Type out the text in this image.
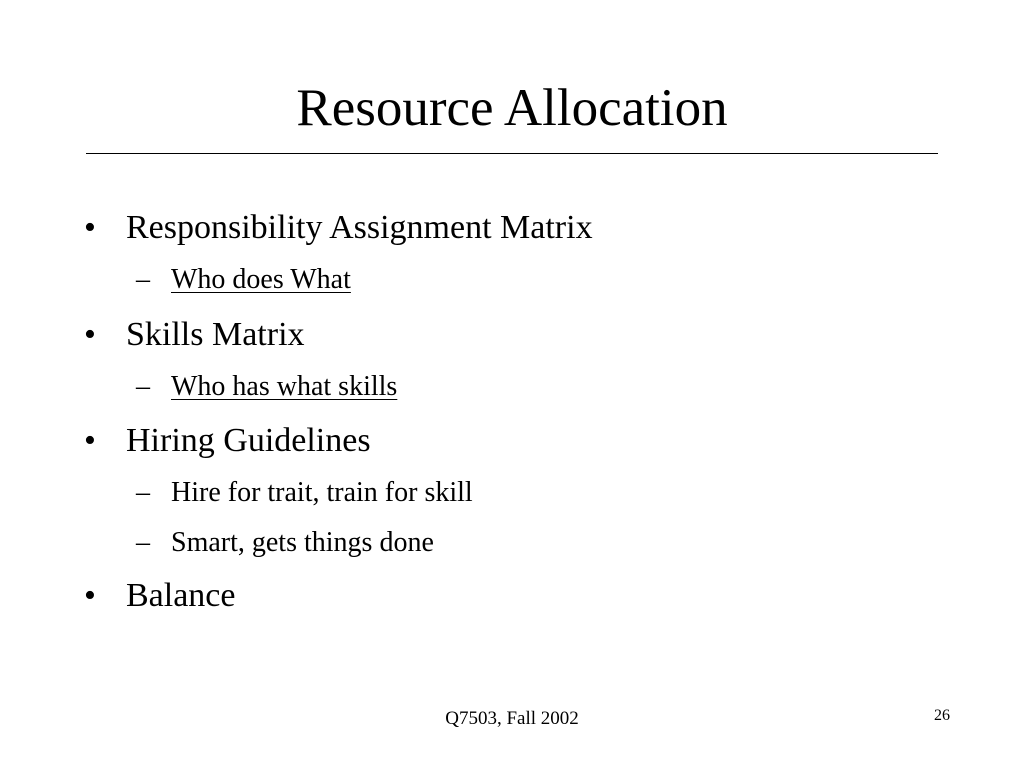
Resource Allocation
• Responsibility Assignment Matrix
– Who does What
• Skills Matrix
– Who has what skills
• Hiring Guidelines
– Hire for trait, train for skill
– Smart, gets things done
• Balance
Q7503, Fall 2002	26
